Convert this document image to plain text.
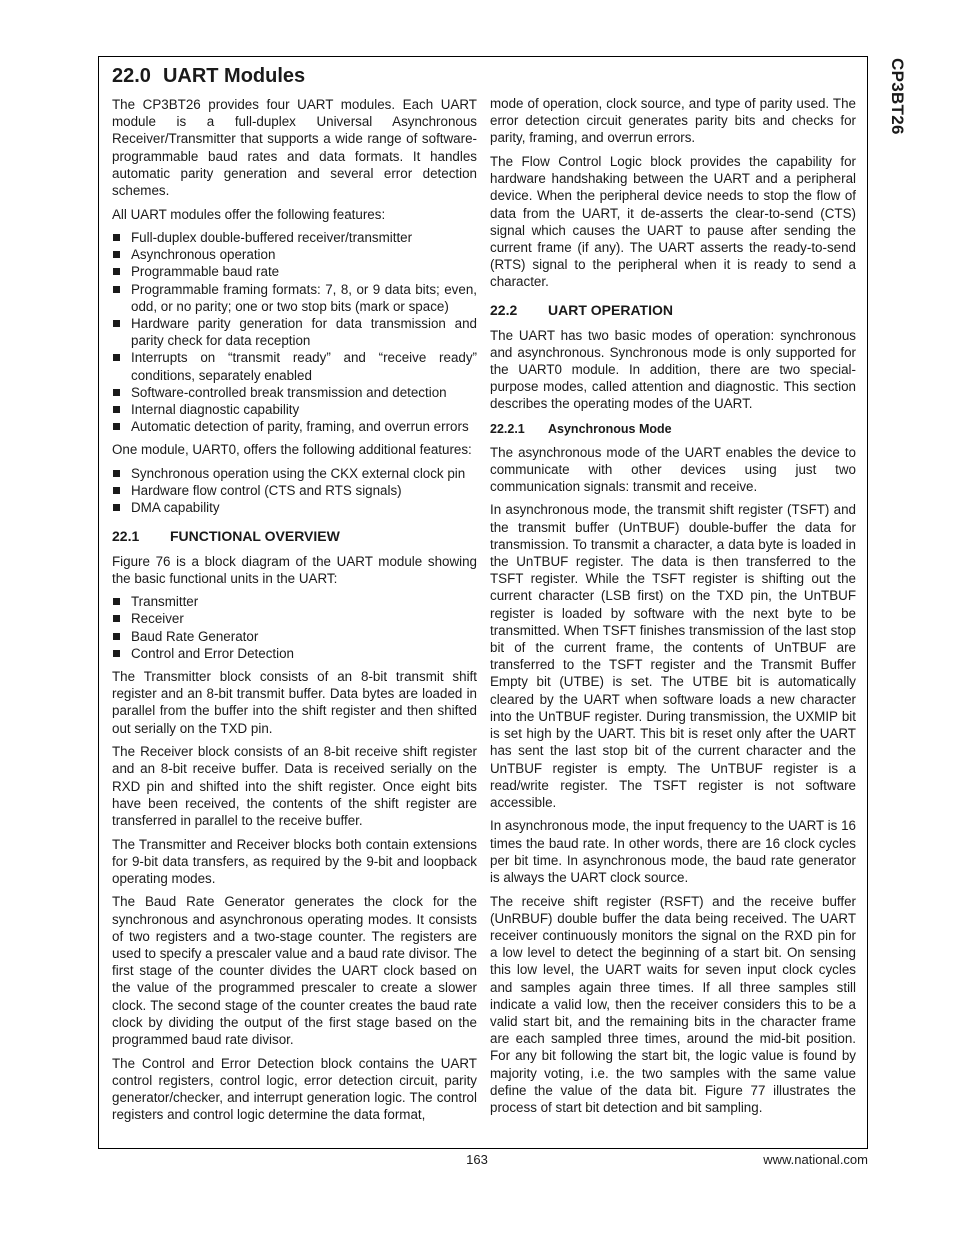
CP3BT26
22.0 UART Modules

The CP3BT26 provides four UART modules. Each UART module is a full-duplex Universal Asynchronous Receiver/Transmitter that supports a wide range of software-programmable baud rates and data formats. It handles automatic parity generation and several error detection schemes.

All UART modules offer the following features:

Full-duplex double-buffered receiver/transmitter
Asynchronous operation
Programmable baud rate
Programmable framing formats: 7, 8, or 9 data bits; even, odd, or no parity; one or two stop bits (mark or space)
Hardware parity generation for data transmission and parity check for data reception
Interrupts on “transmit ready” and “receive ready” conditions, separately enabled
Software-controlled break transmission and detection
Internal diagnostic capability
Automatic detection of parity, framing, and overrun errors

One module, UART0, offers the following additional features:

Synchronous operation using the CKX external clock pin
Hardware flow control (CTS and RTS signals)
DMA capability
22.1 FUNCTIONAL OVERVIEW

Figure 76 is a block diagram of the UART module showing the basic functional units in the UART:

Transmitter
Receiver
Baud Rate Generator
Control and Error Detection

The Transmitter block consists of an 8-bit transmit shift register and an 8-bit transmit buffer. Data bytes are loaded in parallel from the buffer into the shift register and then shifted out serially on the TXD pin.

The Receiver block consists of an 8-bit receive shift register and an 8-bit receive buffer. Data is received serially on the RXD pin and shifted into the shift register. Once eight bits have been received, the contents of the shift register are transferred in parallel to the receive buffer.

The Transmitter and Receiver blocks both contain extensions for 9-bit data transfers, as required by the 9-bit and loopback operating modes.

The Baud Rate Generator generates the clock for the synchronous and asynchronous operating modes. It consists of two registers and a two-stage counter. The registers are used to specify a prescaler value and a baud rate divisor. The first stage of the counter divides the UART clock based on the value of the programmed prescaler to create a slower clock. The second stage of the counter creates the baud rate clock by dividing the output of the first stage based on the programmed baud rate divisor.

The Control and Error Detection block contains the UART control registers, control logic, error detection circuit, parity generator/checker, and interrupt generation logic. The control registers and control logic determine the data format,

mode of operation, clock source, and type of parity used. The error detection circuit generates parity bits and checks for parity, framing, and overrun errors.

The Flow Control Logic block provides the capability for hardware handshaking between the UART and a peripheral device. When the peripheral device needs to stop the flow of data from the UART, it de-asserts the clear-to-send (CTS) signal which causes the UART to pause after sending the current frame (if any). The UART asserts the ready-to-send (RTS) signal to the peripheral when it is ready to send a character.

22.2 UART OPERATION

The UART has two basic modes of operation: synchronous and asynchronous. Synchronous mode is only supported for the UART0 module. In addition, there are two special-purpose modes, called attention and diagnostic. This section describes the operating modes of the UART.

22.2.1 Asynchronous Mode

The asynchronous mode of the UART enables the device to communicate with other devices using just two communication signals: transmit and receive.

In asynchronous mode, the transmit shift register (TSFT) and the transmit buffer (UnTBUF) double-buffer the data for transmission. To transmit a character, a data byte is loaded in the UnTBUF register. The data is then transferred to the TSFT register. While the TSFT register is shifting out the current character (LSB first) on the TXD pin, the UnTBUF register is loaded by software with the next byte to be transmitted. When TSFT finishes transmission of the last stop bit of the current frame, the contents of UnTBUF are transferred to the TSFT register and the Transmit Buffer Empty bit (UTBE) is set. The UTBE bit is automatically cleared by the UART when software loads a new character into the UnTBUF register. During transmission, the UXMIP bit is set high by the UART. This bit is reset only after the UART has sent the last stop bit of the current character and the UnTBUF register is empty. The UnTBUF register is a read/write register. The TSFT register is not software accessible.

In asynchronous mode, the input frequency to the UART is 16 times the baud rate. In other words, there are 16 clock cycles per bit time. In asynchronous mode, the baud rate generator is always the UART clock source.

The receive shift register (RSFT) and the receive buffer (UnRBUF) double buffer the data being received. The UART receiver continuously monitors the signal on the RXD pin for a low level to detect the beginning of a start bit. On sensing this low level, the UART waits for seven input clock cycles and samples again three times. If all three samples still indicate a valid low, then the receiver considers this to be a valid start bit, and the remaining bits in the character frame are each sampled three times, around the mid-bit position. For any bit following the start bit, the logic value is found by majority voting, i.e. the two samples with the same value define the value of the data bit. Figure 77 illustrates the process of start bit detection and bit sampling.

163	www.national.com
